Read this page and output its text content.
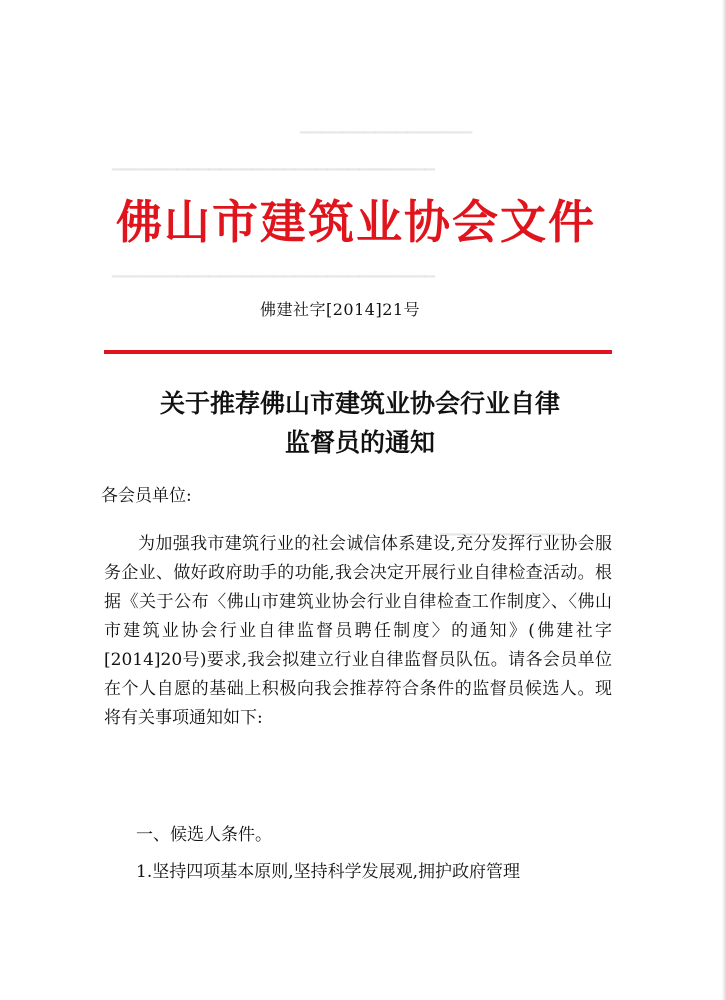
▁▁▁▁▁▁▁▁▁▁▁▁▁▁▁▁
▁▁▁▁▁▁▁▁▁▁▁▁▁▁▁▁▁▁▁▁▁▁▁▁▁▁▁▁▁▁
▁▁▁▁▁▁▁▁▁▁▁▁▁▁▁▁▁▁▁▁▁▁▁▁▁▁▁▁▁▁
▁▁▁▁▁▁▁▁▁▁▁▁
佛山市建筑业协会文件
佛建社字[2014]21号
关于推荐佛山市建筑业协会行业自律
监督员的通知
各会员单位:

为加强我市建筑行业的社会诚信体系建设,充分发挥行业协会服务企业、做好政府助手的功能,我会决定开展行业自律检查活动。根据《关于公布〈佛山市建筑业协会行业自律检查工作制度〉、〈佛山市建筑业协会行业自律监督员聘任制度〉的通知》(佛建社字[2014]20号)要求,我会拟建立行业自律监督员队伍。请各会员单位在个人自愿的基础上积极向我会推荐符合条件的监督员候选人。现将有关事项通知如下:

一、候选人条件。
1.坚持四项基本原则,坚持科学发展观,拥护政府管理
